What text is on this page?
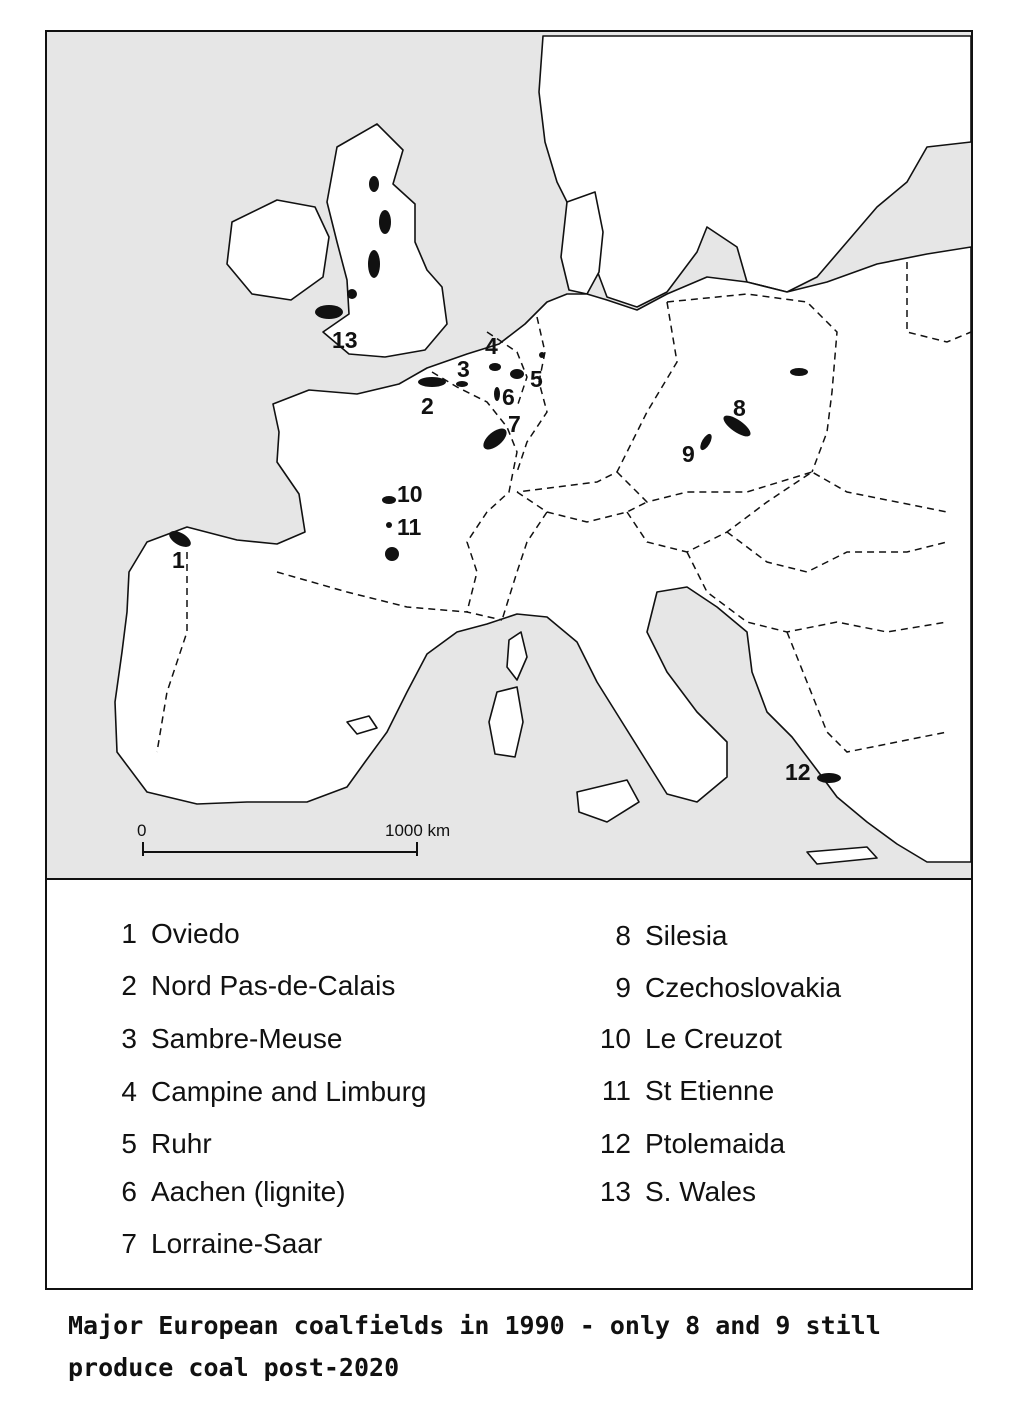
1
2
3
4
5
6
7
8
9
10
11
12
13
0	1000 km
1 Oviedo
2 Nord Pas-de-Calais
3 Sambre-Meuse
4 Campine and Limburg
5 Ruhr
6 Aachen (lignite)
7 Lorraine-Saar
8 Silesia
9 Czechoslovakia
10 Le Creuzot
11 St Etienne
12 Ptolemaida
13 S. Wales
Major European coalfields in 1990 - only 8 and 9 still
produce coal post-2020
